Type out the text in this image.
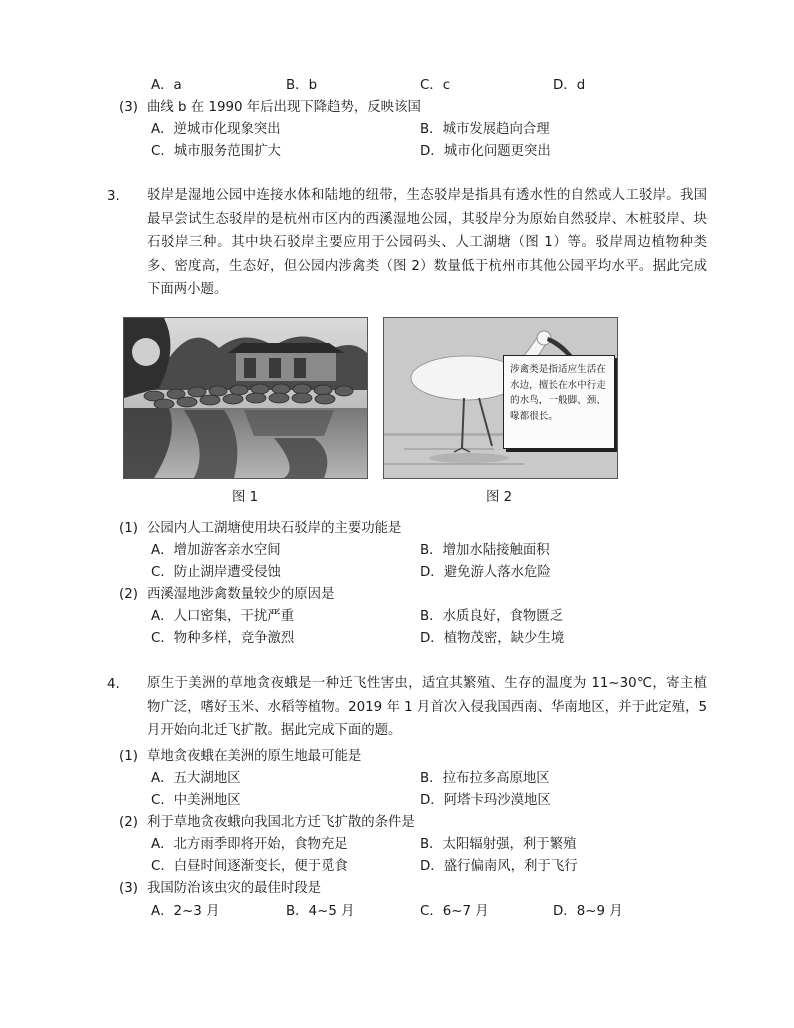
A．a	B．b	C．c	D．d
(3) 曲线 b 在 1990 年后出现下降趋势，反映该国
A．逆城市化现象突出	B．城市发展趋向合理
C．城市服务范围扩大	D．城市化问题更突出
3. 驳岸是湿地公园中连接水体和陆地的纽带，生态驳岸是指具有透水性的自然或人工驳岸。我国最早尝试生态驳岸的是杭州市区内的西溪湿地公园，其驳岸分为原始自然驳岸、木桩驳岸、块石驳岸三种。其中块石驳岸主要应用于公园码头、人工湖塘（图 1）等。驳岸周边植物种类多、密度高，生态好，但公园内涉禽类（图 2）数量低于杭州市其他公园平均水平。据此完成下面两小题。
图 1
涉禽类是指适应生活在水边，擅长在水中行走的水鸟，一般脚、颈、喙都很长。
图 2
(1) 公园内人工湖塘使用块石驳岸的主要功能是
A．增加游客亲水空间	B．增加水陆接触面积
C．防止湖岸遭受侵蚀	D．避免游人落水危险
(2) 西溪湿地涉禽数量较少的原因是
A．人口密集，干扰严重	B．水质良好，食物匮乏
C．物种多样，竞争激烈	D．植物茂密，缺少生境
4. 原生于美洲的草地贪夜蛾是一种迁飞性害虫，适宜其繁殖、生存的温度为 11~30℃，寄主植物广泛，嗜好玉米、水稻等植物。2019 年 1 月首次入侵我国西南、华南地区，并于此定殖，5 月开始向北迁飞扩散。据此完成下面的题。
(1) 草地贪夜蛾在美洲的原生地最可能是
A．五大湖地区	B．拉布拉多高原地区
C．中美洲地区	D．阿塔卡玛沙漠地区
(2) 利于草地贪夜蛾向我国北方迁飞扩散的条件是
A．北方雨季即将开始，食物充足	B．太阳辐射强，利于繁殖
C．白昼时间逐渐变长，便于觅食	D．盛行偏南风，利于飞行
(3) 我国防治该虫灾的最佳时段是
A．2~3 月	B．4~5 月	C．6~7 月	D．8~9 月
